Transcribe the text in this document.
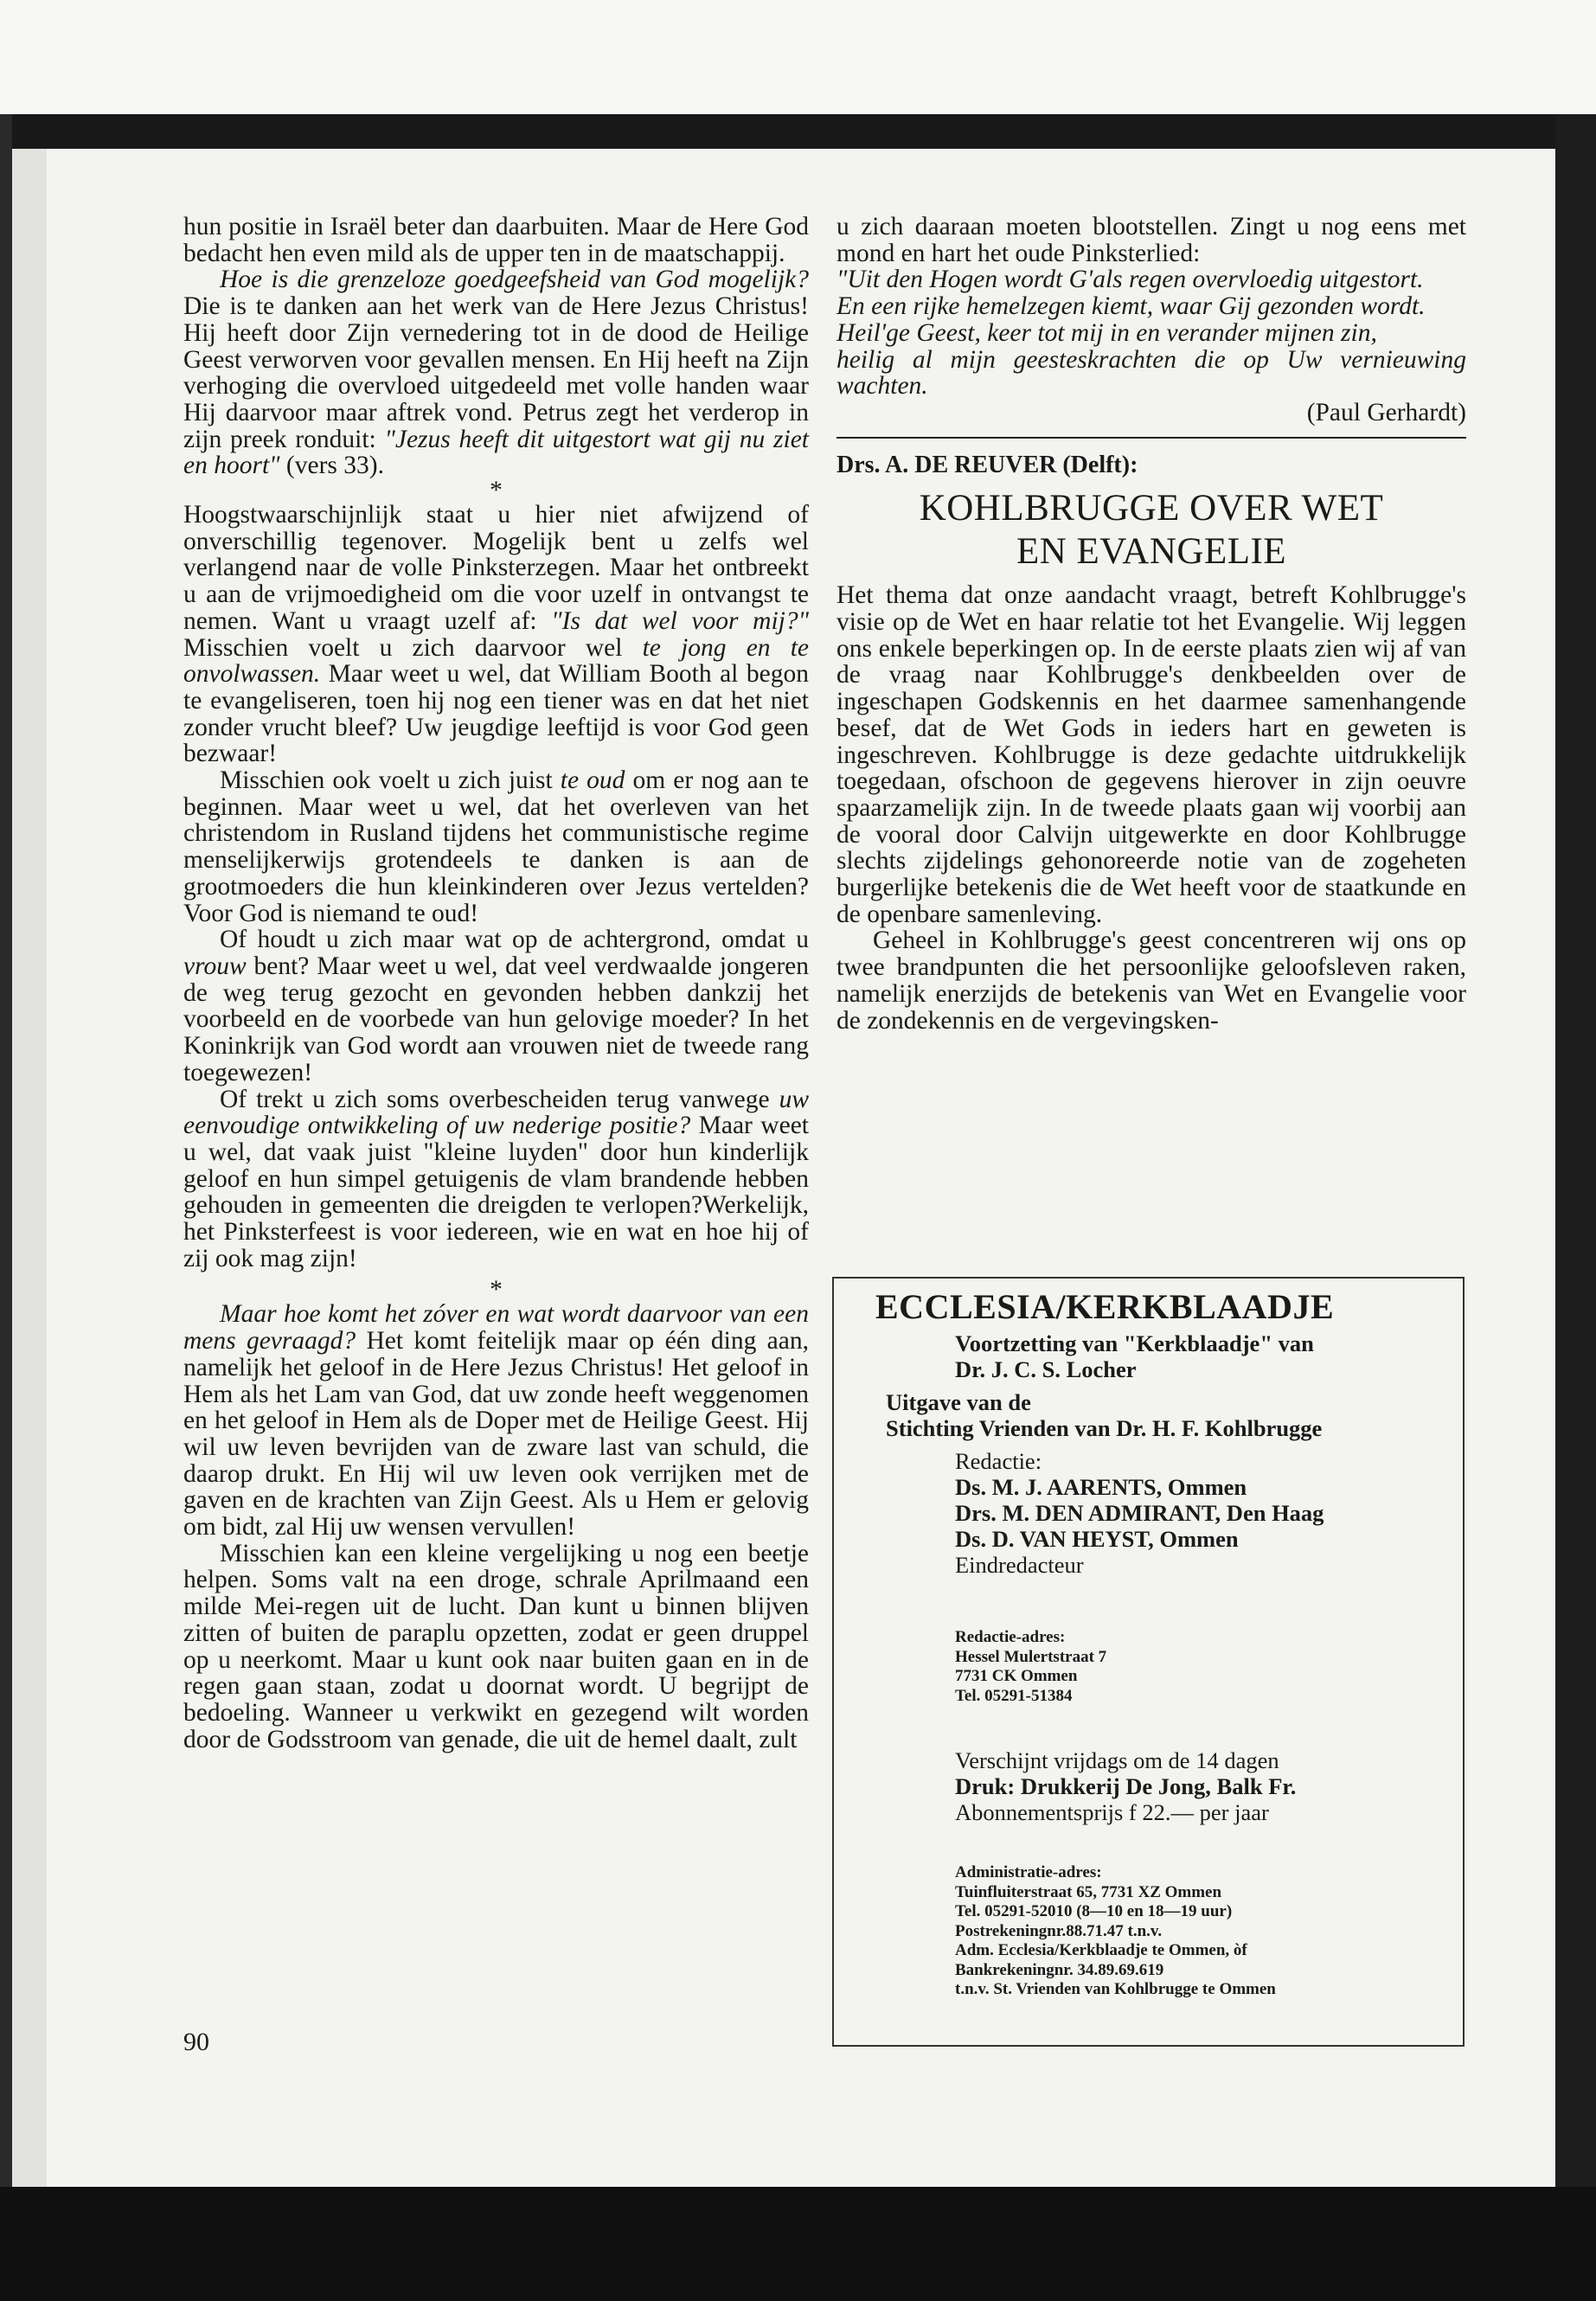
hun positie in Israël beter dan daarbuiten. Maar de Here God bedacht hen even mild als de upper ten in de maatschappij.

Hoe is die grenzeloze goedgeefsheid van God mogelijk? Die is te danken aan het werk van de Here Jezus Christus! Hij heeft door Zijn vernedering tot in de dood de Heilige Geest verworven voor gevallen mensen. En Hij heeft na Zijn verhoging die overvloed uitgedeeld met volle handen waar Hij daarvoor maar aftrek vond. Petrus zegt het verderop in zijn preek ronduit: "Jezus heeft dit uitgestort wat gij nu ziet en hoort" (vers 33).

*

Hoogstwaarschijnlijk staat u hier niet afwijzend of onverschillig tegenover. Mogelijk bent u zelfs wel verlangend naar de volle Pinksterzegen. Maar het ontbreekt u aan de vrijmoedigheid om die voor uzelf in ontvangst te nemen. Want u vraagt uzelf af: "Is dat wel voor mij?" Misschien voelt u zich daarvoor wel te jong en te onvolwassen. Maar weet u wel, dat William Booth al begon te evangeliseren, toen hij nog een tiener was en dat het niet zonder vrucht bleef? Uw jeugdige leeftijd is voor God geen bezwaar!

Misschien ook voelt u zich juist te oud om er nog aan te beginnen. Maar weet u wel, dat het overleven van het christendom in Rusland tijdens het communistische regime menselijkerwijs grotendeels te danken is aan de grootmoeders die hun kleinkinderen over Jezus vertelden? Voor God is niemand te oud!

Of houdt u zich maar wat op de achtergrond, omdat u vrouw bent? Maar weet u wel, dat veel verdwaalde jongeren de weg terug gezocht en gevonden hebben dankzij het voorbeeld en de voorbede van hun gelovige moeder? In het Koninkrijk van God wordt aan vrouwen niet de tweede rang toegewezen!

Of trekt u zich soms overbescheiden terug vanwege uw eenvoudige ontwikkeling of uw nederige positie? Maar weet u wel, dat vaak juist "kleine luyden" door hun kinderlijk geloof en hun simpel getuigenis de vlam brandende hebben gehouden in gemeenten die dreigden te verlopen?Werkelijk, het Pinksterfeest is voor iedereen, wie en wat en hoe hij of zij ook mag zijn!

*

Maar hoe komt het zóver en wat wordt daarvoor van een mens gevraagd? Het komt feitelijk maar op één ding aan, namelijk het geloof in de Here Jezus Christus! Het geloof in Hem als het Lam van God, dat uw zonde heeft weggenomen en het geloof in Hem als de Doper met de Heilige Geest. Hij wil uw leven bevrijden van de zware last van schuld, die daarop drukt. En Hij wil uw leven ook verrijken met de gaven en de krachten van Zijn Geest. Als u Hem er gelovig om bidt, zal Hij uw wensen vervullen!

Misschien kan een kleine vergelijking u nog een beetje helpen. Soms valt na een droge, schrale Aprilmaand een milde Mei-regen uit de lucht. Dan kunt u binnen blijven zitten of buiten de paraplu opzetten, zodat er geen druppel op u neerkomt. Maar u kunt ook naar buiten gaan en in de regen gaan staan, zodat u doornat wordt. U begrijpt de bedoeling. Wanneer u verkwikt en gezegend wilt worden door de Godsstroom van genade, die uit de hemel daalt, zult

90

u zich daaraan moeten blootstellen. Zingt u nog eens met mond en hart het oude Pinksterlied:

"Uit den Hogen wordt G'als regen overvloedig uitgestort.

En een rijke hemelzegen kiemt, waar Gij gezonden wordt.

Heil'ge Geest, keer tot mij in en verander mijnen zin,

heilig al mijn geesteskrachten die op Uw vernieuwing wachten.

(Paul Gerhardt)

Drs. A. DE REUVER (Delft):

KOHLBRUGGE OVER WET
EN EVANGELIE

Het thema dat onze aandacht vraagt, betreft Kohlbrugge's visie op de Wet en haar relatie tot het Evangelie. Wij leggen ons enkele beperkingen op. In de eerste plaats zien wij af van de vraag naar Kohlbrugge's denkbeelden over de ingeschapen Godskennis en het daarmee samenhangende besef, dat de Wet Gods in ieders hart en geweten is ingeschreven. Kohlbrugge is deze gedachte uitdrukkelijk toegedaan, ofschoon de gegevens hierover in zijn oeuvre spaarzamelijk zijn. In de tweede plaats gaan wij voorbij aan de vooral door Calvijn uitgewerkte en door Kohlbrugge slechts zijdelings gehonoreerde notie van de zogeheten burgerlijke betekenis die de Wet heeft voor de staatkunde en de openbare samenleving.

Geheel in Kohlbrugge's geest concentreren wij ons op twee brandpunten die het persoonlijke geloofsleven raken, namelijk enerzijds de betekenis van Wet en Evangelie voor de zondekennis en de vergevingsken-

ECCLESIA/KERKBLAADJE
Voortzetting van "Kerkblaadje" van
Dr. J. C. S. Locher
Uitgave van de
Stichting Vrienden van Dr. H. F. Kohlbrugge
Redactie:
Ds. M. J. AARENTS, Ommen
Drs. M. DEN ADMIRANT, Den Haag
Ds. D. VAN HEYST, Ommen
Eindredacteur
Redactie-adres:
Hessel Mulertstraat 7
7731 CK Ommen
Tel. 05291-51384
Verschijnt vrijdags om de 14 dagen
Druk: Drukkerij De Jong, Balk Fr.
Abonnementsprijs f 22.— per jaar
Administratie-adres:
Tuinfluiterstraat 65, 7731 XZ Ommen
Tel. 05291-52010 (8—10 en 18—19 uur)
Postrekeningnr.88.71.47 t.n.v.
Adm. Ecclesia/Kerkblaadje te Ommen, òf
Bankrekeningnr. 34.89.69.619
t.n.v. St. Vrienden van Kohlbrugge te Ommen
